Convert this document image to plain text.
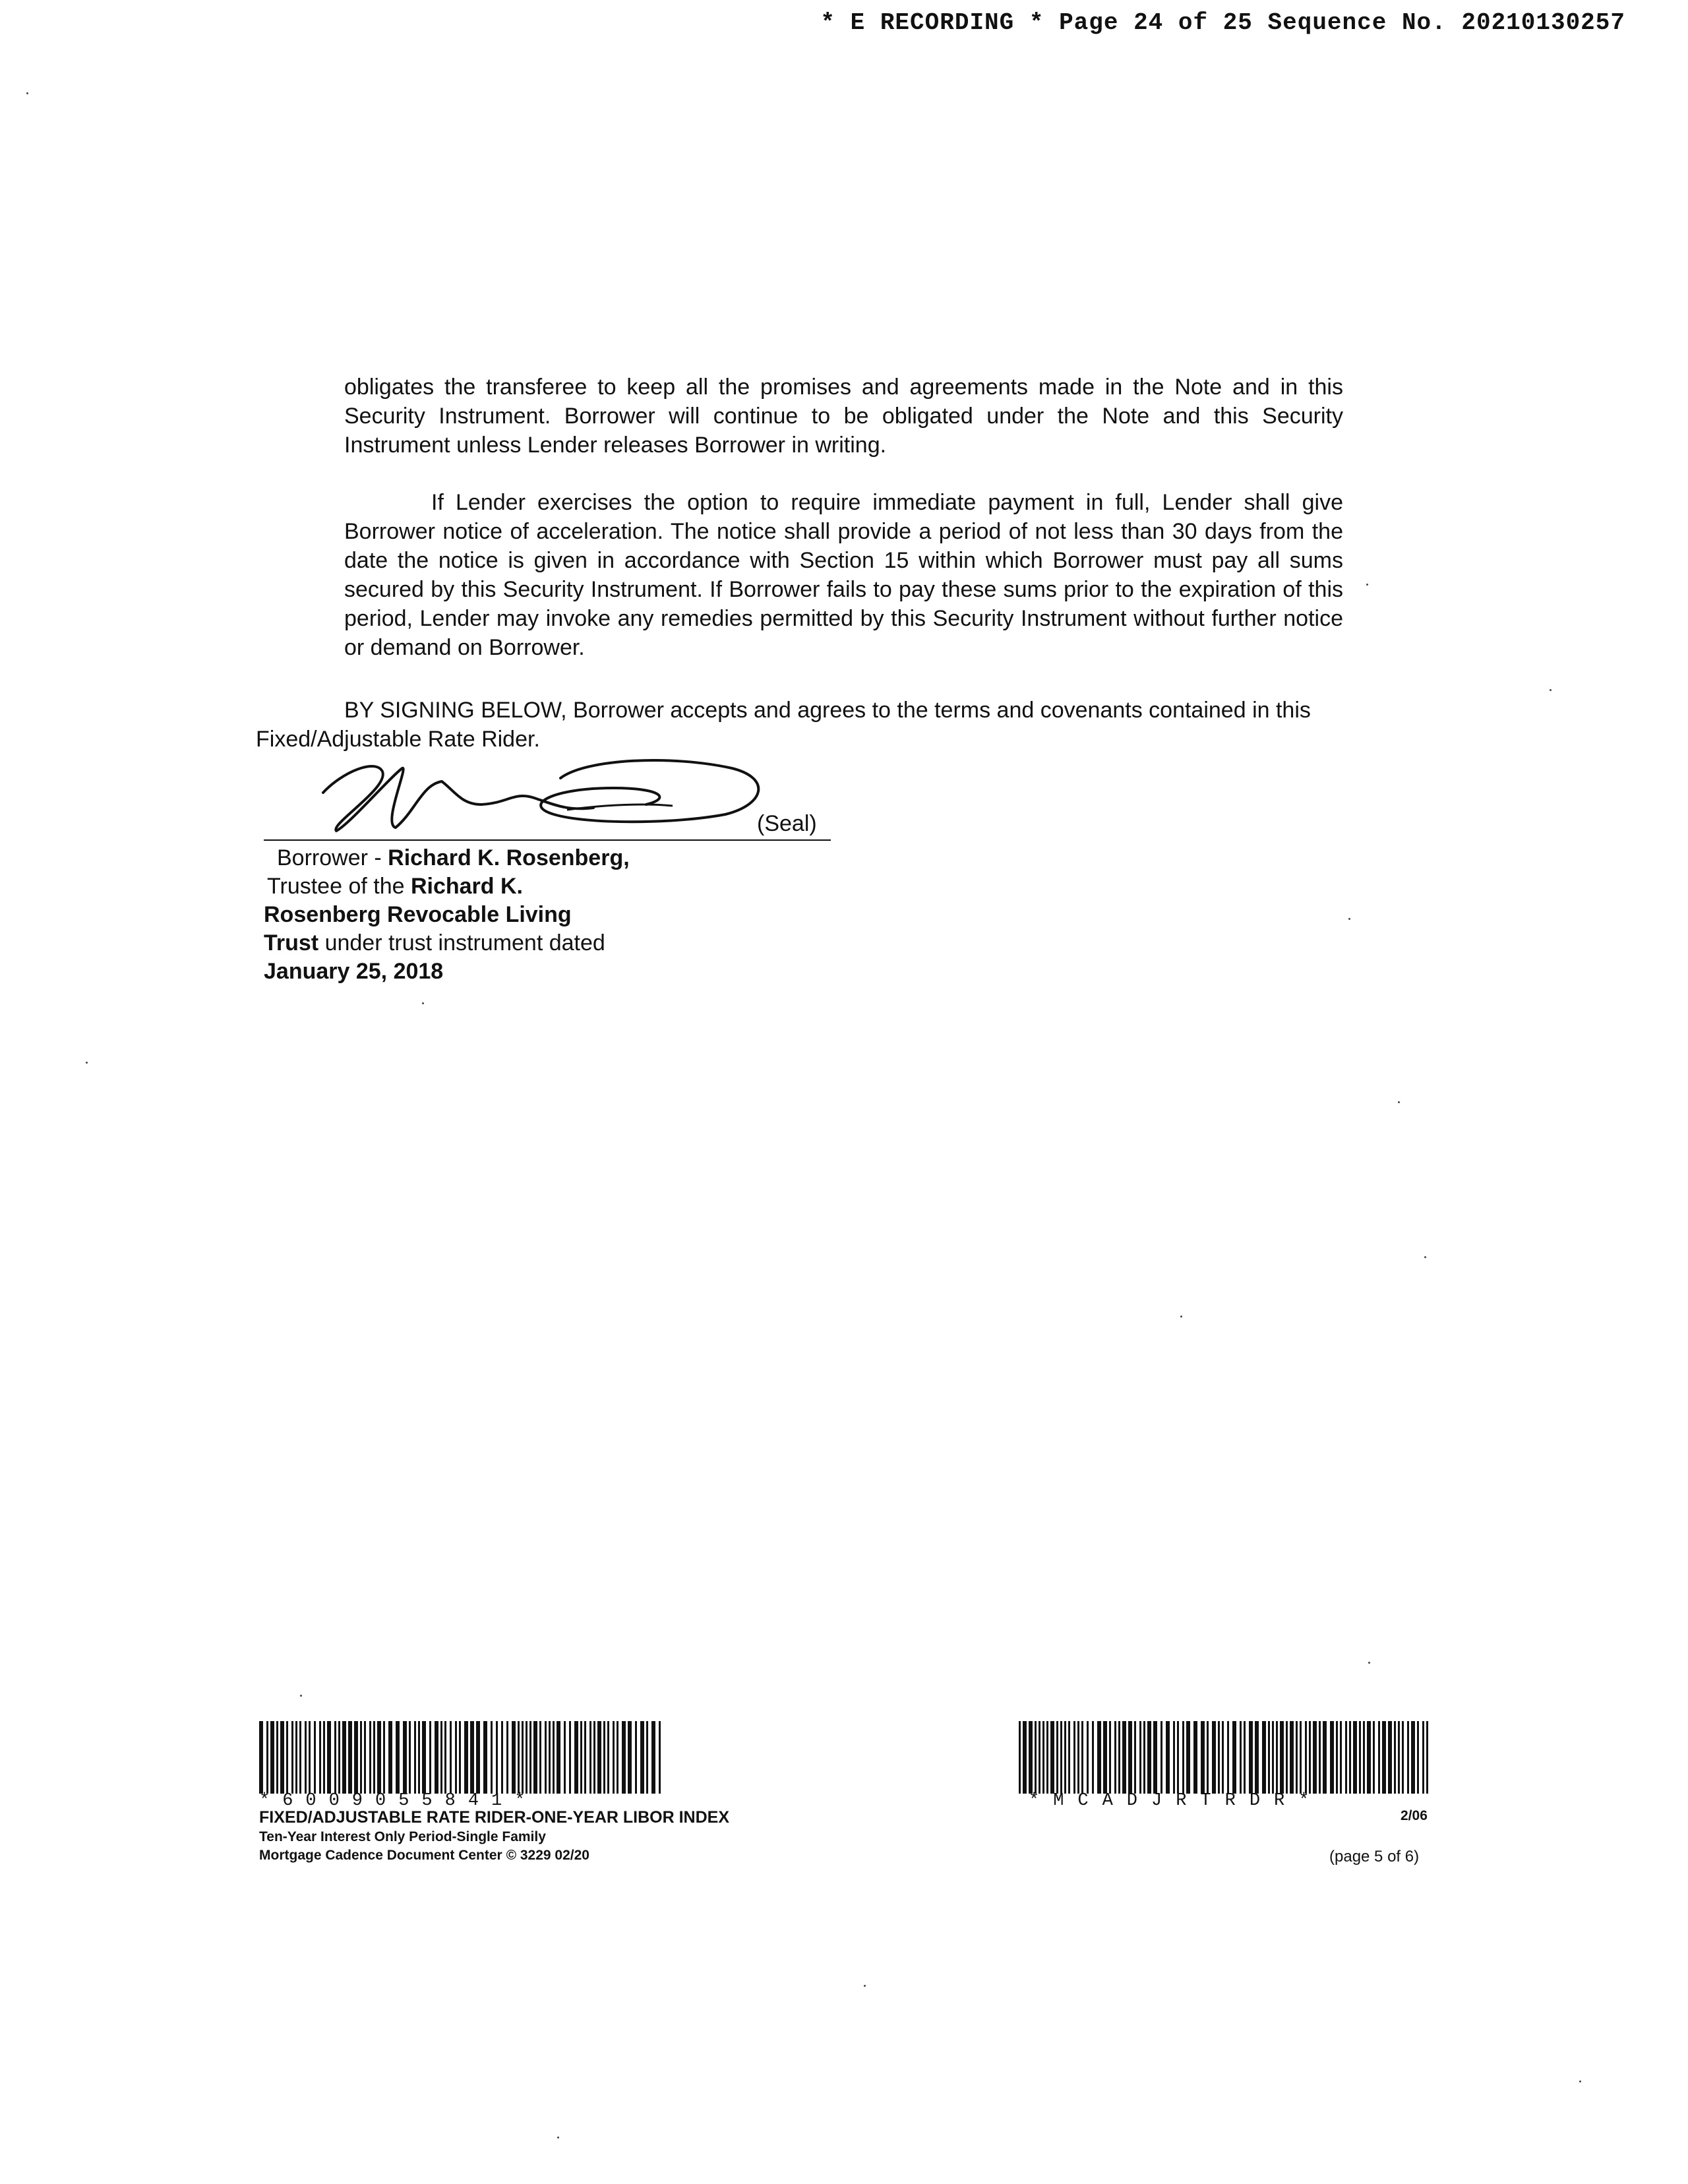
* E RECORDING * Page 24 of 25 Sequence No. 20210130257

obligates the transferee to keep all the promises and agreements made in the Note and in this Security Instrument. Borrower will continue to be obligated under the Note and this Security Instrument unless Lender releases Borrower in writing.

If Lender exercises the option to require immediate payment in full, Lender shall give Borrower notice of acceleration. The notice shall provide a period of not less than 30 days from the date the notice is given in accordance with Section 15 within which Borrower must pay all sums secured by this Security Instrument. If Borrower fails to pay these sums prior to the expiration of this period, Lender may invoke any remedies permitted by this Security Instrument without further notice or demand on Borrower.

BY SIGNING BELOW, Borrower accepts and agrees to the terms and covenants contained in this Fixed/Adjustable Rate Rider.

(Seal)
Borrower - Richard K. Rosenberg,
Trustee of the Richard K.
Rosenberg Revocable Living
Trust under trust instrument dated
January 25, 2018
*6009055841*	*MCADJRTRDR*
FIXED/ADJUSTABLE RATE RIDER-ONE-YEAR LIBOR INDEX
Ten-Year Interest Only Period-Single Family
Mortgage Cadence Document Center © 3229 02/20
2/06
(page 5 of 6)
